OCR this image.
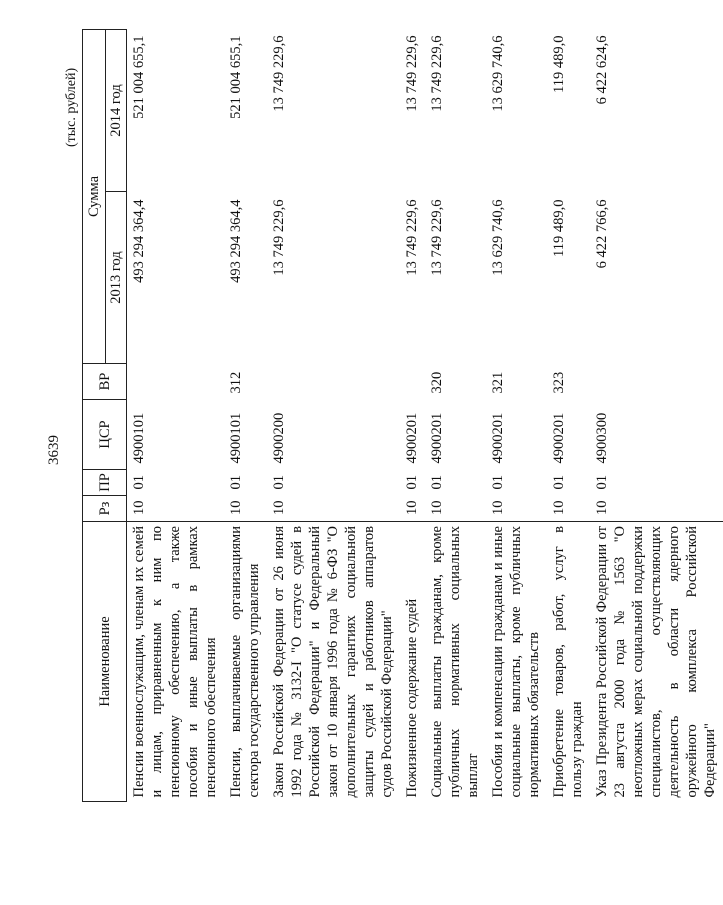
3639
(тыс. рублей)
Наименование	Рз	ПР	ЦСР	ВР	Сумма	
					2013 год	2014 год
Пенсии военнослужащим, членам их семей и лицам, приравненным к ним по пенсионному обеспечению, а также пособия и иные выплаты в рамках пенсионного обеспечения	10	01	4900101		493 294 364,4	521 004 655,1
Пенсии, выплачиваемые организациями сектора государственного управления	10	01	4900101	312	493 294 364,4	521 004 655,1
Закон Российской Федерации от 26 июня 1992 года № 3132-I "О статусе судей в Российской Федерации" и Федеральный закон от 10 января 1996 года № 6-ФЗ "О дополнительных гарантиях социальной защиты судей и работников аппаратов судов Российской Федерации"	10	01	4900200		13 749 229,6	13 749 229,6
Пожизненное содержание судей	10	01	4900201		13 749 229,6	13 749 229,6
Социальные выплаты гражданам, кроме публичных нормативных социальных выплат	10	01	4900201	320	13 749 229,6	13 749 229,6
Пособия и компенсации гражданам и иные социальные выплаты, кроме публичных нормативных обязательств	10	01	4900201	321	13 629 740,6	13 629 740,6
Приобретение товаров, работ, услуг в пользу граждан	10	01	4900201	323	119 489,0	119 489,0
Указ Президента Российской Федерации от 23 августа 2000 года № 1563 "О неотложных мерах социальной поддержки специалистов, осуществляющих деятельность в области ядерного оружейного комплекса Российской Федерации"	10	01	4900300		6 422 766,6	6 422 624,6
